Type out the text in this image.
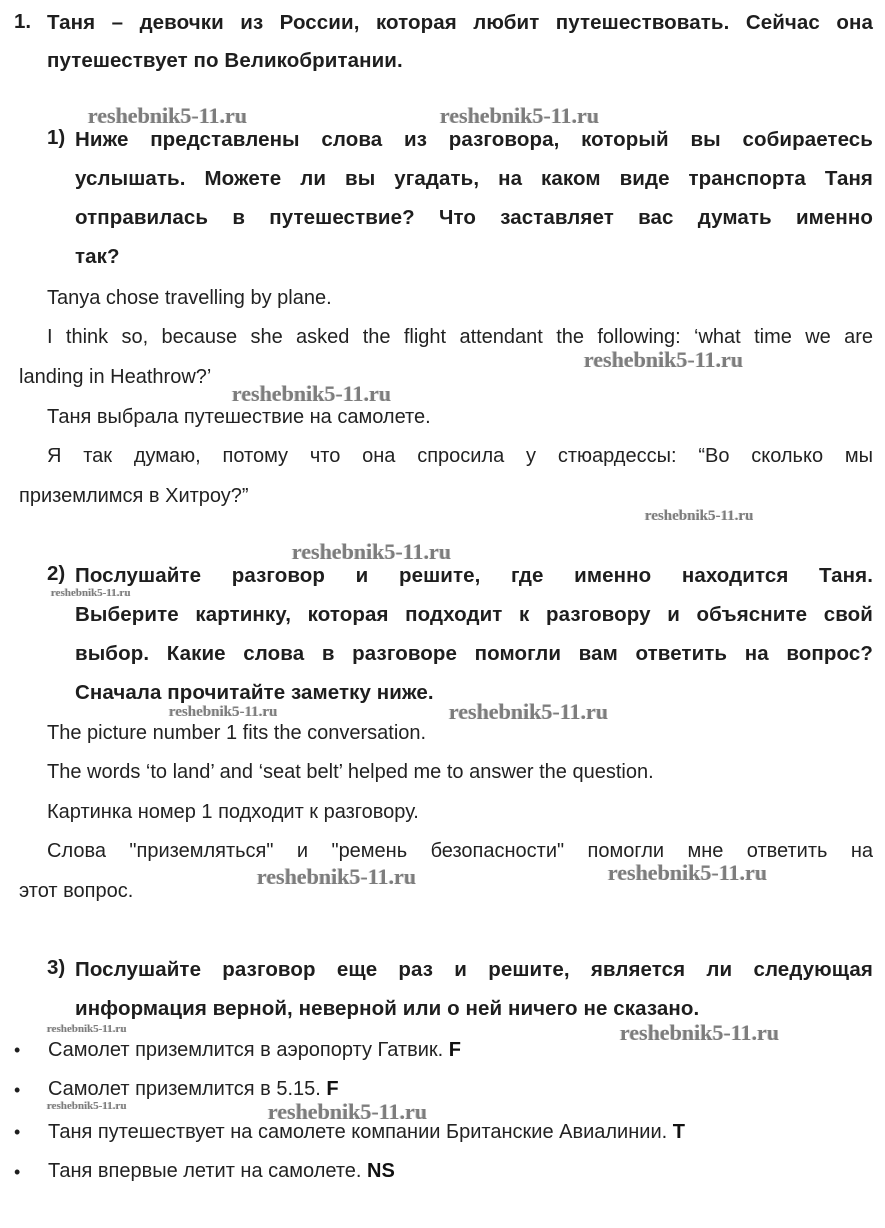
1. Таня – девочки из России, которая любит путешествовать. Сейчас она
путешествует по Великобритании.
1) Ниже представлены слова из разговора, который вы собираетесь
услышать. Можете ли вы угадать, на каком виде транспорта Таня
отправилась в путешествие? Что заставляет вас думать именно
так?
Tanya chose travelling by plane.
I think so, because she asked the flight attendant the following: ‘what time we are
landing in Heathrow?’
Таня выбрала путешествие на самолете.
Я так думаю, потому что она спросила у стюардессы: “Во сколько мы
приземлимся в Хитроу?”
2) Послушайте разговор и решите, где именно находится Таня.
Выберите картинку, которая подходит к разговору и объясните свой
выбор. Какие слова в разговоре помогли вам ответить на вопрос?
Сначала прочитайте заметку ниже.
The picture number 1 fits the conversation.
The words ‘to land’ and ‘seat belt’ helped me to answer the question.
Картинка номер 1 подходит к разговору.
Слова "приземляться" и "ремень безопасности" помогли мне ответить на
этот вопрос.
3) Послушайте разговор еще раз и решите, является ли следующая
информация верной, неверной или о ней ничего не сказано.
• Самолет приземлится в аэропорту Гатвик. F
• Самолет приземлится в 5.15. F
• Таня путешествует на самолете компании Британские Авиалинии. T
• Таня впервые летит на самолете. NS
reshebnik5-11.ru	reshebnik5-11.ru
reshebnik5-11.ru
reshebnik5-11.ru
reshebnik5-11.ru
reshebnik5-11.ru
reshebnik5-11.ru
reshebnik5-11.ru	reshebnik5-11.ru
reshebnik5-11.ru	reshebnik5-11.ru
reshebnik5-11.ru	reshebnik5-11.ru
reshebnik5-11.ru	reshebnik5-11.ru
